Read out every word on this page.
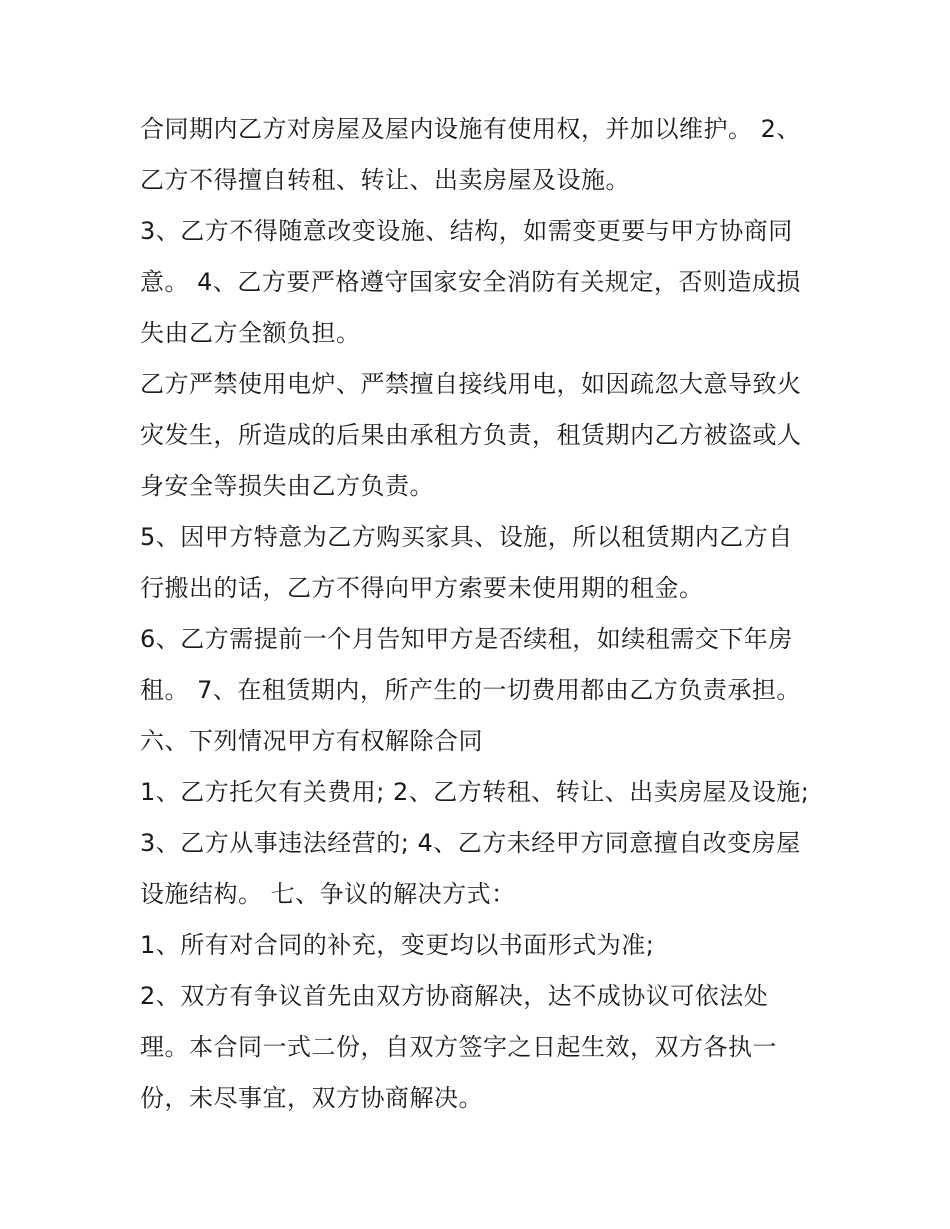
合同期内乙方对房屋及屋内设施有使用权，并加以维护。 2、
乙方不得擅自转租、转让、出卖房屋及设施。
3、乙方不得随意改变设施、结构，如需变更要与甲方协商同
意。 4、乙方要严格遵守国家安全消防有关规定，否则造成损
失由乙方全额负担。
乙方严禁使用电炉、严禁擅自接线用电，如因疏忽大意导致火
灾发生，所造成的后果由承租方负责，租赁期内乙方被盗或人
身安全等损失由乙方负责。
5、因甲方特意为乙方购买家具、设施，所以租赁期内乙方自
行搬出的话，乙方不得向甲方索要未使用期的租金。
6、乙方需提前一个月告知甲方是否续租，如续租需交下年房
租。 7、在租赁期内，所产生的一切费用都由乙方负责承担。
六、下列情况甲方有权解除合同
1、乙方托欠有关费用; 2、乙方转租、转让、出卖房屋及设施;
3、乙方从事违法经营的; 4、乙方未经甲方同意擅自改变房屋
设施结构。 七、争议的解决方式：
1、所有对合同的补充，变更均以书面形式为准;
2、双方有争议首先由双方协商解决，达不成协议可依法处
理。本合同一式二份，自双方签字之日起生效，双方各执一
份，未尽事宜，双方协商解决。
